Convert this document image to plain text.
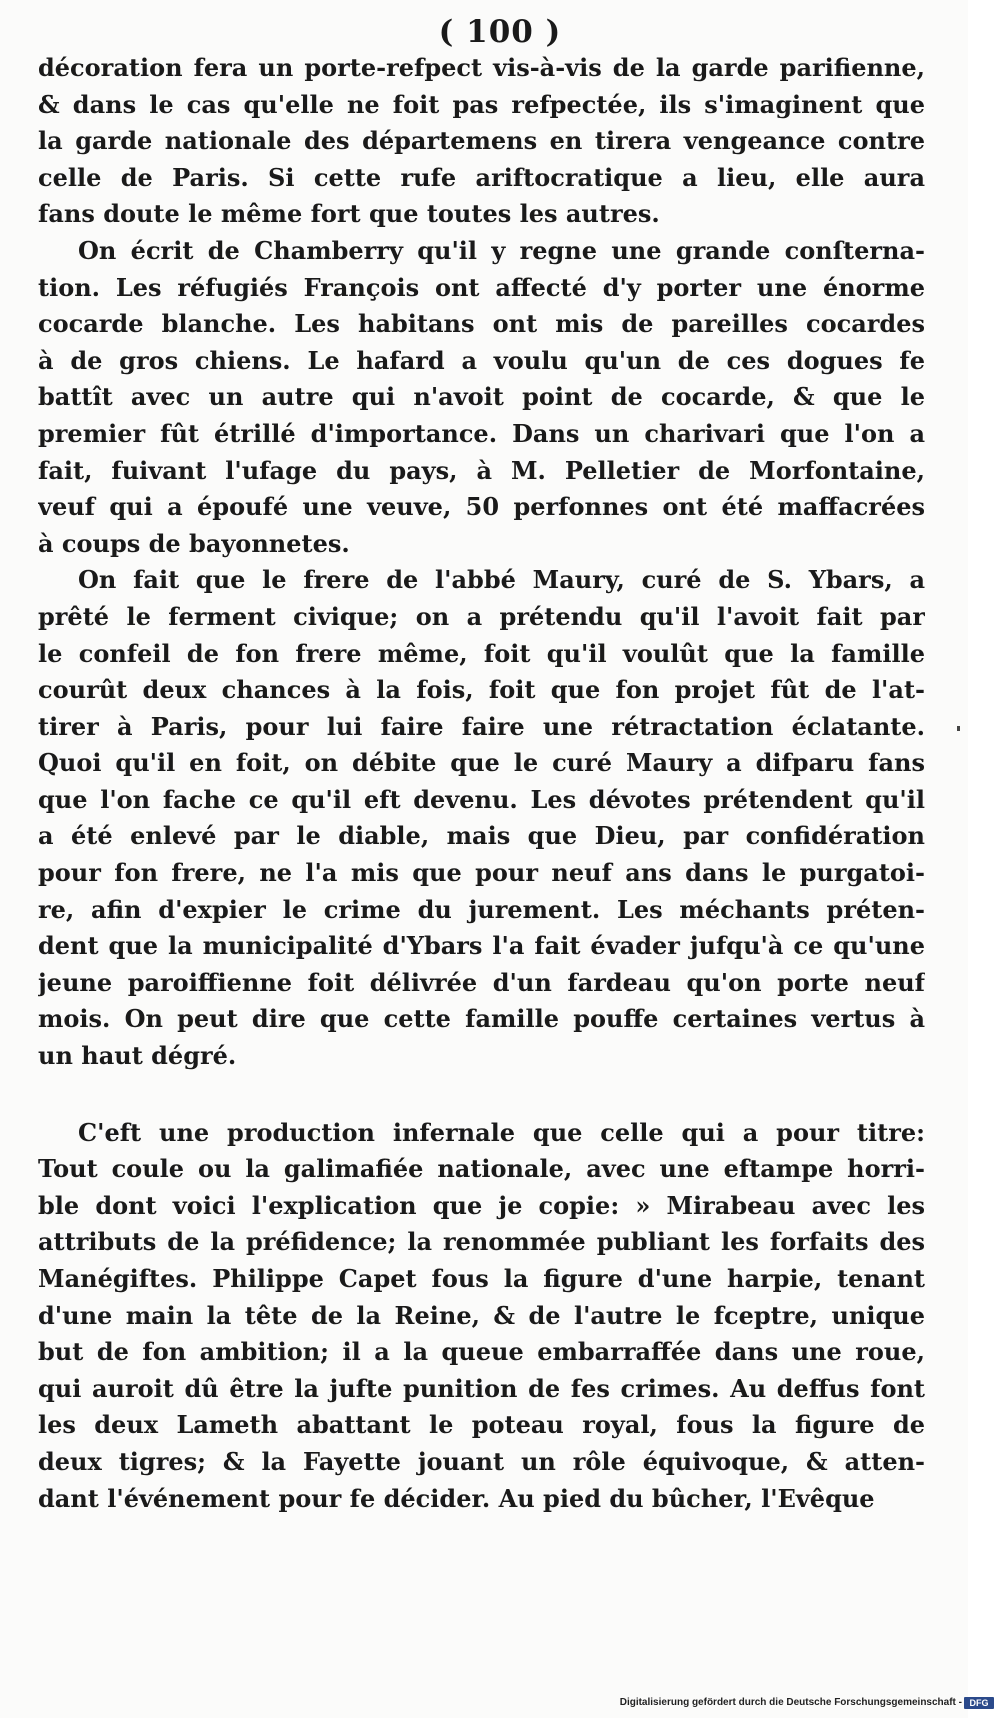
( 100 )
décoration fera un porte-refpect vis-à-vis de la garde parifienne,
& dans le cas qu'elle ne foit pas refpectée, ils s'imaginent que
la garde nationale des départemens en tirera vengeance contre
celle de Paris. Si cette rufe ariftocratique a lieu, elle aura
fans doute le même fort que toutes les autres.
On écrit de Chamberry qu'il y regne une grande conſterna-
tion. Les réfugiés François ont affecté d'y porter une énorme
cocarde blanche. Les habitans ont mis de pareilles cocardes
à de gros chiens. Le hafard a voulu qu'un de ces dogues fe
battît avec un autre qui n'avoit point de cocarde, & que le
premier fût étrillé d'importance. Dans un charivari que l'on a
fait, fuivant l'ufage du pays, à M. Pelletier de Morfontaine,
veuf qui a époufé une veuve, 50 perfonnes ont été maffacrées
à coups de bayonnetes.
On fait que le frere de l'abbé Maury, curé de S. Ybars, a
prêté le ferment civique; on a prétendu qu'il l'avoit fait par
le confeil de fon frere même, foit qu'il voulût que la famille
courût deux chances à la fois, foit que fon projet fût de l'at-
tirer à Paris, pour lui faire faire une rétractation éclatante.
Quoi qu'il en foit, on débite que le curé Maury a difparu fans
que l'on fache ce qu'il eft devenu. Les dévotes prétendent qu'il
a été enlevé par le diable, mais que Dieu, par confidération
pour fon frere, ne l'a mis que pour neuf ans dans le purgatoi-
re, afin d'expier le crime du jurement. Les méchants préten-
dent que la municipalité d'Ybars l'a fait évader jufqu'à ce qu'une
jeune paroiffienne foit délivrée d'un fardeau qu'on porte neuf
mois. On peut dire que cette famille pouffe certaines vertus à
un haut dégré.
C'eft une production infernale que celle qui a pour titre:
Tout coule ou la galimafiée nationale, avec une eftampe horri-
ble dont voici l'explication que je copie: » Mirabeau avec les
attributs de la préfidence; la renommée publiant les forfaits des
Manégiftes. Philippe Capet fous la figure d'une harpie, tenant
d'une main la tête de la Reine, & de l'autre le fceptre, unique
but de fon ambition; il a la queue embarraffée dans une roue,
qui auroit dû être la jufte punition de fes crimes. Au deffus font
les deux Lameth abattant le poteau royal, fous la figure de
deux tigres; & la Fayette jouant un rôle équivoque, & atten-
dant l'événement pour fe décider. Au pied du bûcher, l'Evêque
Digitalisierung gefördert durch die Deutsche Forschungsgemeinschaft - DFG
